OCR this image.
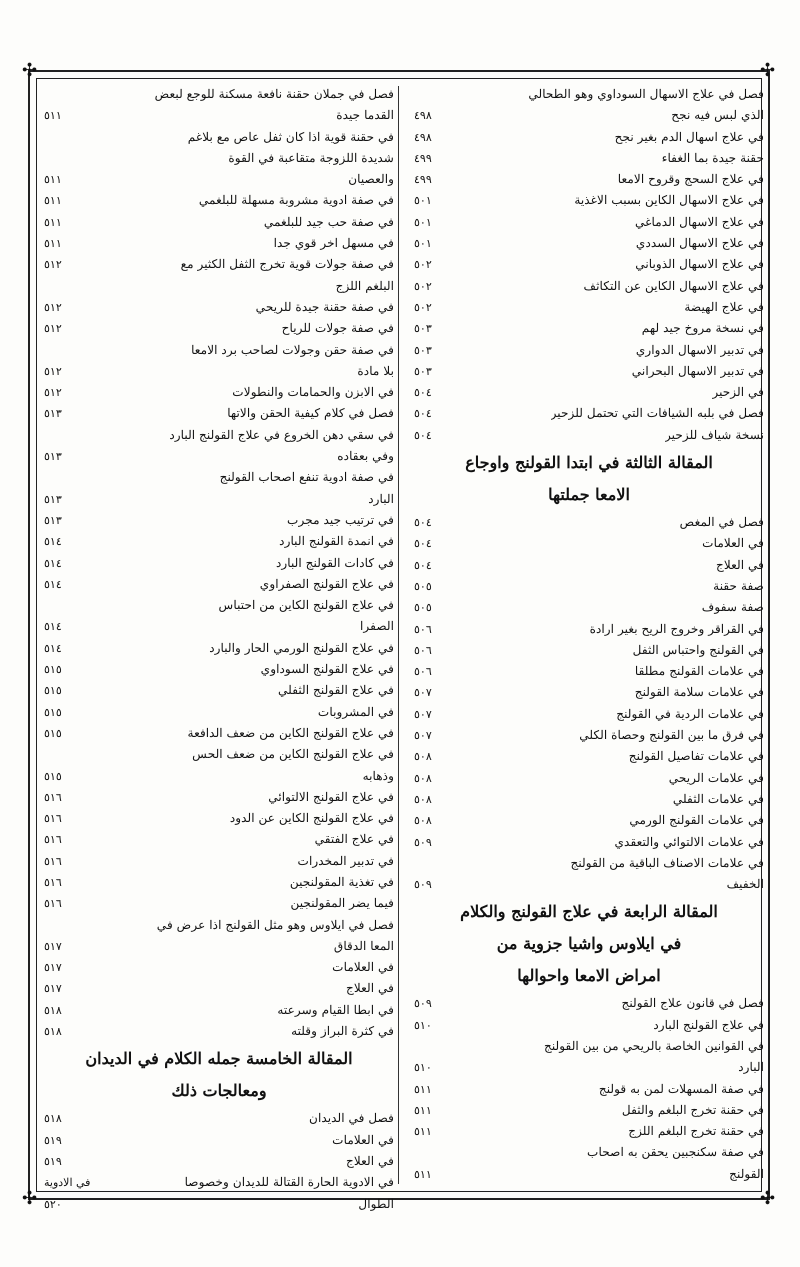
✣	✣
✣	✣
فصل في علاج الاسهال السوداوي وهو الطحالي
الذي لبس فيه نجح
٤٩٨
في علاج اسهال الدم بغير نجح
٤٩٨
حقنة جيدة بما الغفاء
٤٩٩
في علاج السحج وقروح الامعا
٤٩٩
في علاج الاسهال الكاين بسبب الاغذية
٥٠١
في علاج الاسهال الدماغي
٥٠١
في علاج الاسهال السددي
٥٠١
في علاج الاسهال الذوباني
٥٠٢
في علاج الاسهال الكاين عن التكاثف
٥٠٢
في علاج الهيضة
٥٠٢
في نسخة مروخ جيد لهم
٥٠٣
في تدبير الاسهال الدواري
٥٠٣
في تدبير الاسهال البحراني
٥٠٣
في الزحير
٥٠٤
فصل في بلبه الشيافات التي تحتمل للزحير
٥٠٤
نسخة شياف للزحير
٥٠٤
المقالة الثالثة في ابتدا القولنج واوجاع
الامعا جملتها
فصل في المغص
٥٠٤
في العلامات
٥٠٤
في العلاج
٥٠٤
صفة حقنة
٥٠٥
صفة سفوف
٥٠٥
في القراقر وخروج الريح بغير ارادة
٥٠٦
في القولنج واحتباس الثفل
٥٠٦
في علامات القولنج مطلقا
٥٠٦
في علامات سلامة القولنج
٥٠٧
في علامات الردية في القولنج
٥٠٧
في فرق ما بين القولنج وحصاة الكلي
٥٠٧
في علامات تفاصيل القولنج
٥٠٨
في علامات الريحي
٥٠٨
في علامات الثفلي
٥٠٨
في علامات القولنج الورمي
٥٠٨
في علامات الالتوائي والتعقدي
٥٠٩
في علامات الاصناف الباقية من القولنج
الخفيف
٥٠٩
المقالة الرابعة في علاج القولنج والكلام
في ايلاوس واشيا جزوية من
امراض الامعا واحوالها
فصل في قانون علاج القولنج
٥٠٩
في علاج القولنج البارد
٥١٠
في القوانين الخاصة بالريحي من بين القولنج
البارد
٥١٠
في صفة المسهلات لمن به قولنج
٥١١
في حقنة تخرج البلغم والثفل
٥١١
في حقنة تخرج البلغم اللزج
٥١١
في صفة سكنجبين يحقن به اصحاب
القولنج
٥١١
فصل في جملان حقنة نافعة مسكنة للوجع لبعض
القدما جيدة
٥١١
في حقنة قوية اذا كان ثفل عاص مع بلاغم
شديدة اللزوجة متقاعبة في القوة
والعصيان
٥١١
في صفة ادوية مشروبة مسهلة للبلغمي
٥١١
في صفة حب جيد للبلغمي
٥١١
في مسهل اخر قوي جدا
٥١١
في صفة جولات قوية تخرج الثفل الكثير مع
٥١٢
البلغم اللزج
في صفة حقنة جيدة للريحي
٥١٢
في صفة جولات للرياح
٥١٢
في صفة حقن وجولات لصاحب برد الامعا
بلا مادة
٥١٢
في الابزن والحمامات والنطولات
٥١٢
فصل في كلام كيفية الحقن والاتها
٥١٣
في سقي دهن الخروع في علاج القولنج البارد
وفي بعقاده
٥١٣
في صفة ادوية تنفع اصحاب القولنج
البارد
٥١٣
في ترتيب جيد مجرب
٥١٣
في انمدة القولنج البارد
٥١٤
في كادات القولنج البارد
٥١٤
في علاج القولنج الصفراوي
٥١٤
في علاج القولنج الكاين من احتباس
الصفرا
٥١٤
في علاج القولنج الورمي الحار والبارد
٥١٤
في علاج القولنج السوداوي
٥١٥
في علاج القولنج الثفلي
٥١٥
في المشروبات
٥١٥
في علاج القولنج الكاين من ضعف الدافعة
٥١٥
في علاج القولنج الكاين من ضعف الحس
وذهابه
٥١٥
في علاج القولنج الالتوائي
٥١٦
في علاج القولنج الكاين عن الدود
٥١٦
في علاج الفتقي
٥١٦
في تدبير المخدرات
٥١٦
في تغذية المقولنجين
٥١٦
فيما يضر المقولنجين
٥١٦
فصل في ايلاوس وهو مثل القولنج اذا عرض في
المعا الدقاق
٥١٧
في العلامات
٥١٧
في العلاج
٥١٧
في ابطا القيام وسرعته
٥١٨
في كثرة البراز وقلته
٥١٨
المقالة الخامسة جمله الكلام في الديدان
ومعالجات ذلك
فصل في الديدان
٥١٨
في العلامات
٥١٩
في العلاج
٥١٩
في الادوية الحارة القتالة للديدان وخصوصا
الطوال
٥٢٠
في الادوية
